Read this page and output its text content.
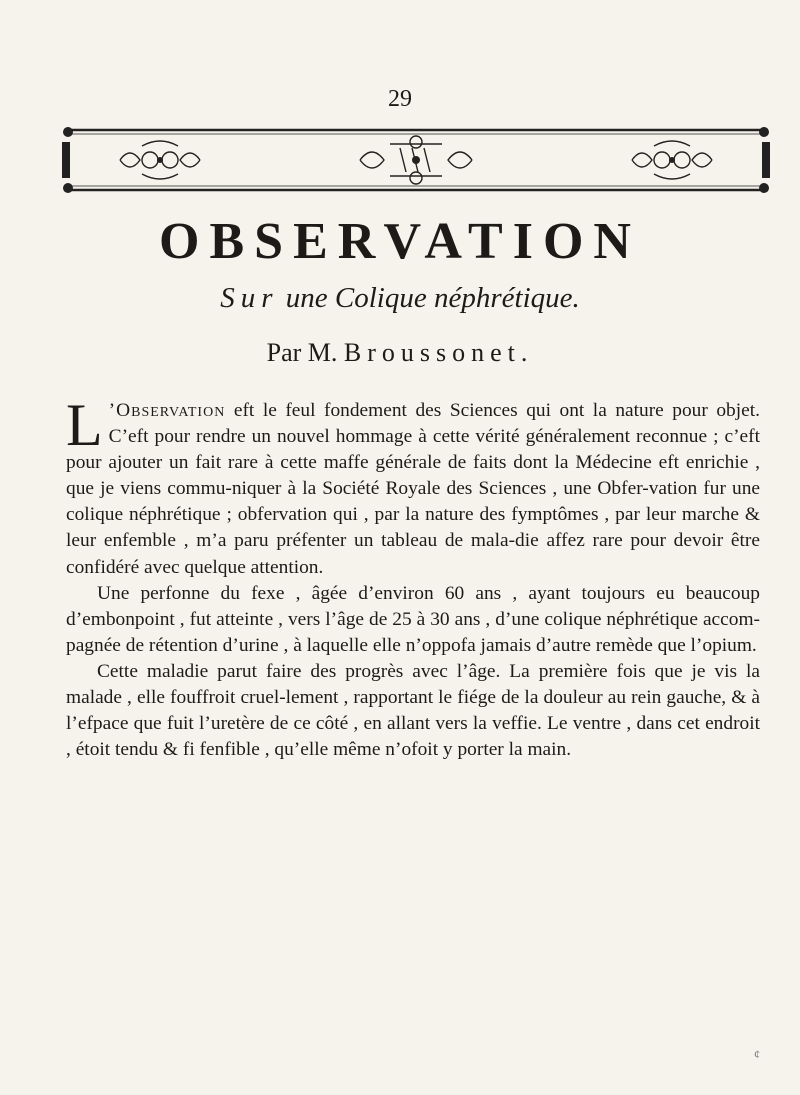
29
OBSERVATION
Sur une Colique néphrétique.
Par M. Broussonet.

L ’Observation eft le feul fondement des Sciences qui ont la nature pour objet. C’eft pour rendre un nouvel hommage à cette vérité généralement reconnue ; c’eft pour ajouter un fait rare à cette maffe générale de faits dont la Médecine eft enrichie , que je viens commu-niquer à la Société Royale des Sciences , une Obfer-vation fur une colique néphrétique ; obfervation qui , par la nature des fymptômes , par leur marche & leur enfemble , m’a paru préfenter un tableau de mala-die affez rare pour devoir être confidéré avec quelque attention.

Une perfonne du fexe , âgée d’environ 60 ans , ayant toujours eu beaucoup d’embonpoint , fut atteinte , vers l’âge de 25 à 30 ans , d’une colique néphrétique accom-pagnée de rétention d’urine , à laquelle elle n’oppofa jamais d’autre remède que l’opium.

Cette maladie parut faire des progrès avec l’âge. La première fois que je vis la malade , elle fouffroit cruel-lement , rapportant le fiége de la douleur au rein gauche, & à l’efpace que fuit l’uretère de ce côté , en allant vers la veffie. Le ventre , dans cet endroit , étoit tendu & fi fenfible , qu’elle même n’ofoit y porter la main.

¢
